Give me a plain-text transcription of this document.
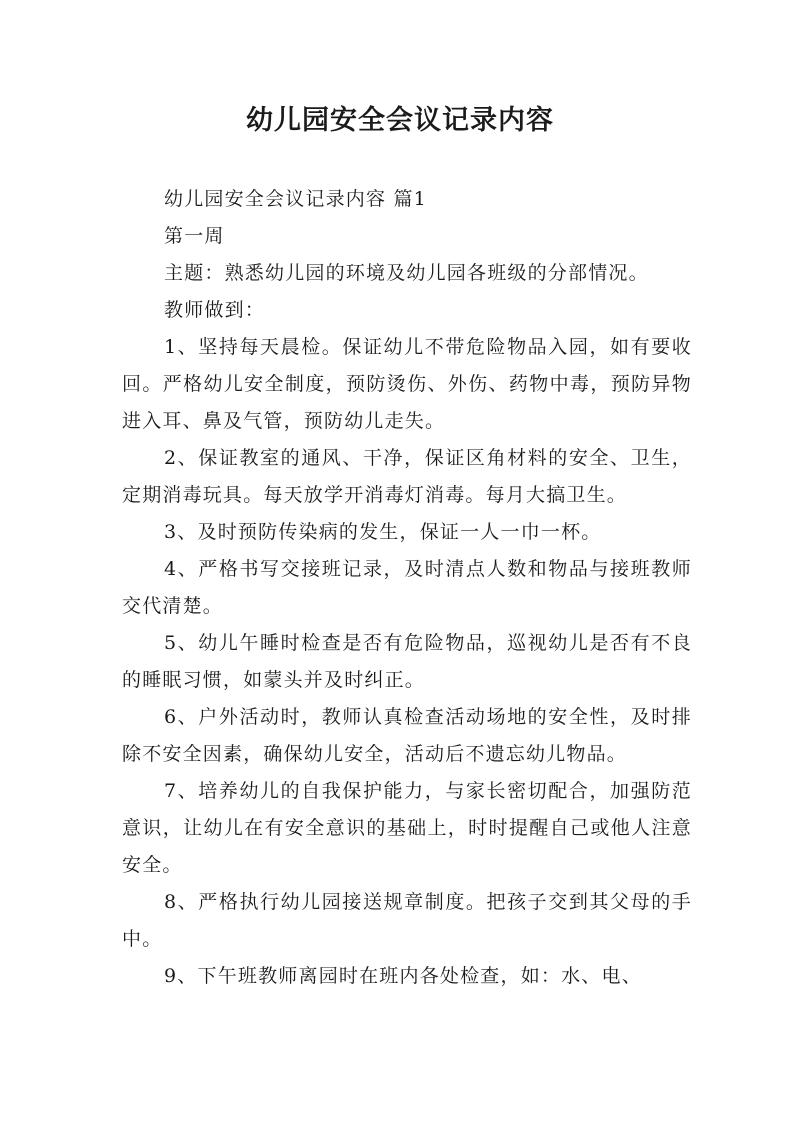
幼儿园安全会议记录内容

幼儿园安全会议记录内容 篇1

第一周

主题：熟悉幼儿园的环境及幼儿园各班级的分部情况。

教师做到：

1、坚持每天晨检。保证幼儿不带危险物品入园，如有要收回。严格幼儿安全制度，预防烫伤、外伤、药物中毒，预防异物进入耳、鼻及气管，预防幼儿走失。

2、保证教室的通风、干净，保证区角材料的安全、卫生，定期消毒玩具。每天放学开消毒灯消毒。每月大搞卫生。

3、及时预防传染病的发生，保证一人一巾一杯。

4、严格书写交接班记录，及时清点人数和物品与接班教师交代清楚。

5、幼儿午睡时检查是否有危险物品，巡视幼儿是否有不良的睡眠习惯，如蒙头并及时纠正。

6、户外活动时，教师认真检查活动场地的安全性，及时排除不安全因素，确保幼儿安全，活动后不遗忘幼儿物品。

7、培养幼儿的自我保护能力，与家长密切配合，加强防范意识，让幼儿在有安全意识的基础上，时时提醒自己或他人注意安全。

8、严格执行幼儿园接送规章制度。把孩子交到其父母的手中。

9、下午班教师离园时在班内各处检查，如：水、电、
